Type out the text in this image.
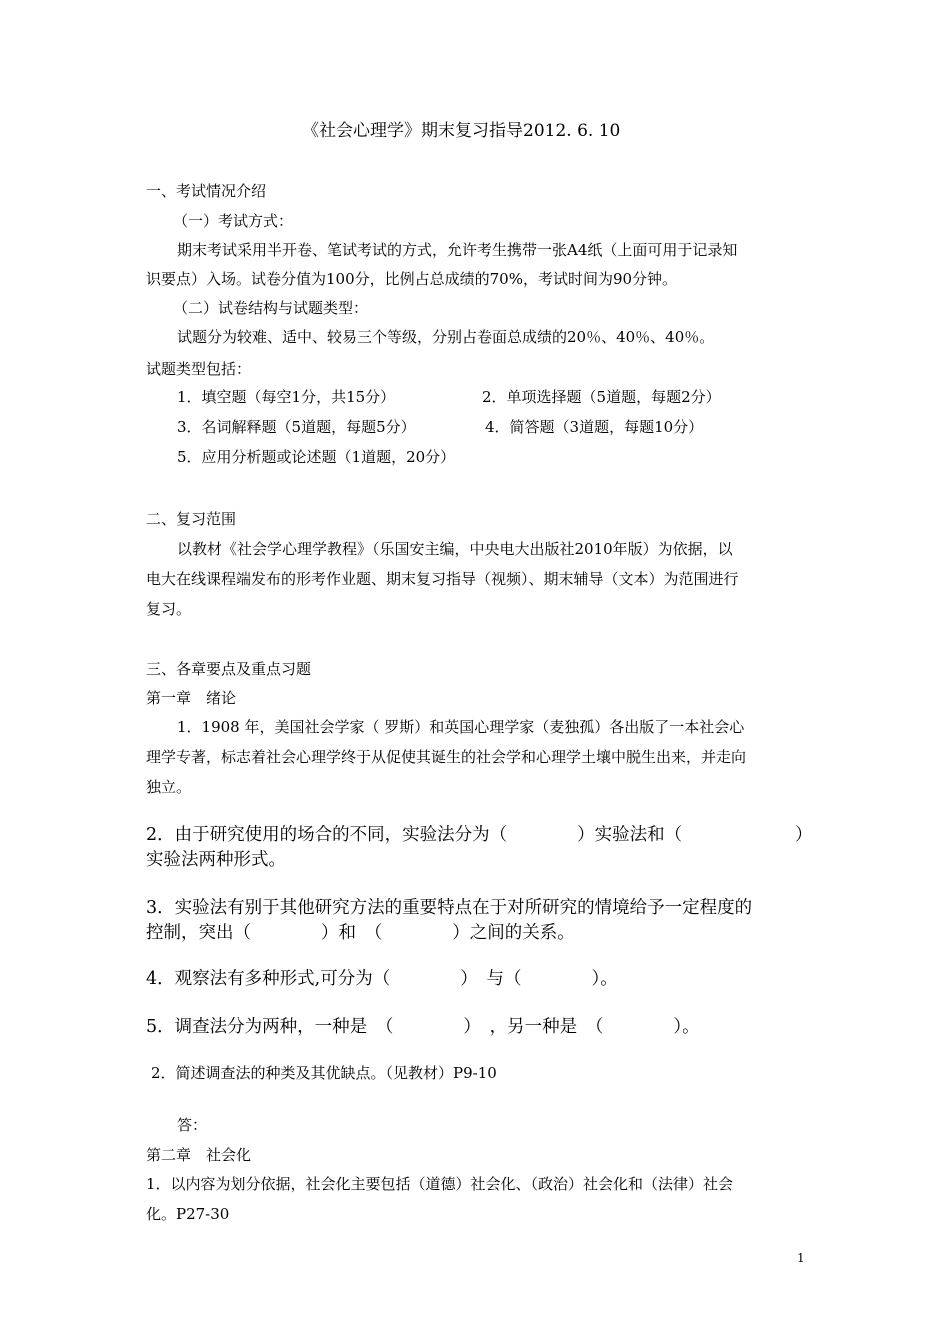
《社会心理学》期末复习指导2012. 6. 10
一、考试情况介绍
（一）考试方式：
期末考试采用半开卷、笔试考试的方式，允许考生携带一张A4纸（上面可用于记录知
识要点）入场。试卷分值为100分，比例占总成绩的70%，考试时间为90分钟。
（二）试卷结构与试题类型：
试题分为较难、适中、较易三个等级，分别占卷面总成绩的20％、40％、40％。
试题类型包括：
1．填空题（每空1分，共15分）	2．单项选择题（5道题，每题2分）
3．名词解释题（5道题，每题5分）	4．简答题（3道题，每题10分）
5．应用分析题或论述题（1道题，20分）
二、复习范围
以教材《社会学心理学教程》（乐国安主编，中央电大出版社2010年版）为依据，以
电大在线课程端发布的形考作业题、期末复习指导（视频）、期末辅导（文本）为范围进行
复习。
三、各章要点及重点习题
第一章　绪论
1．1908 年，美国社会学家（ 罗斯）和英国心理学家（麦独孤）各出版了一本社会心
理学专著，标志着社会心理学终于从促使其诞生的社会学和心理学土壤中脱生出来，并走向
独立。
2．由于研究使用的场合的不同，实验法分为（　　　　）实验法和（	）
实验法两种形式。
3．实验法有别于其他研究方法的重要特点在于对所研究的情境给予一定程度的
控制，突出（　　　　）和　（　　　　）之间的关系。
4．观察法有多种形式,可分为（　　　　）　与（　　　　）。
5．调查法分为两种，一种是　（　　　　）　，另一种是　（　　　　）。
2．简述调查法的种类及其优缺点。（见教材）P9-10
答：
第二章　社会化
1．以内容为划分依据，社会化主要包括（道德）社会化、（政治）社会化和（法律）社会
化。P27-30
1
